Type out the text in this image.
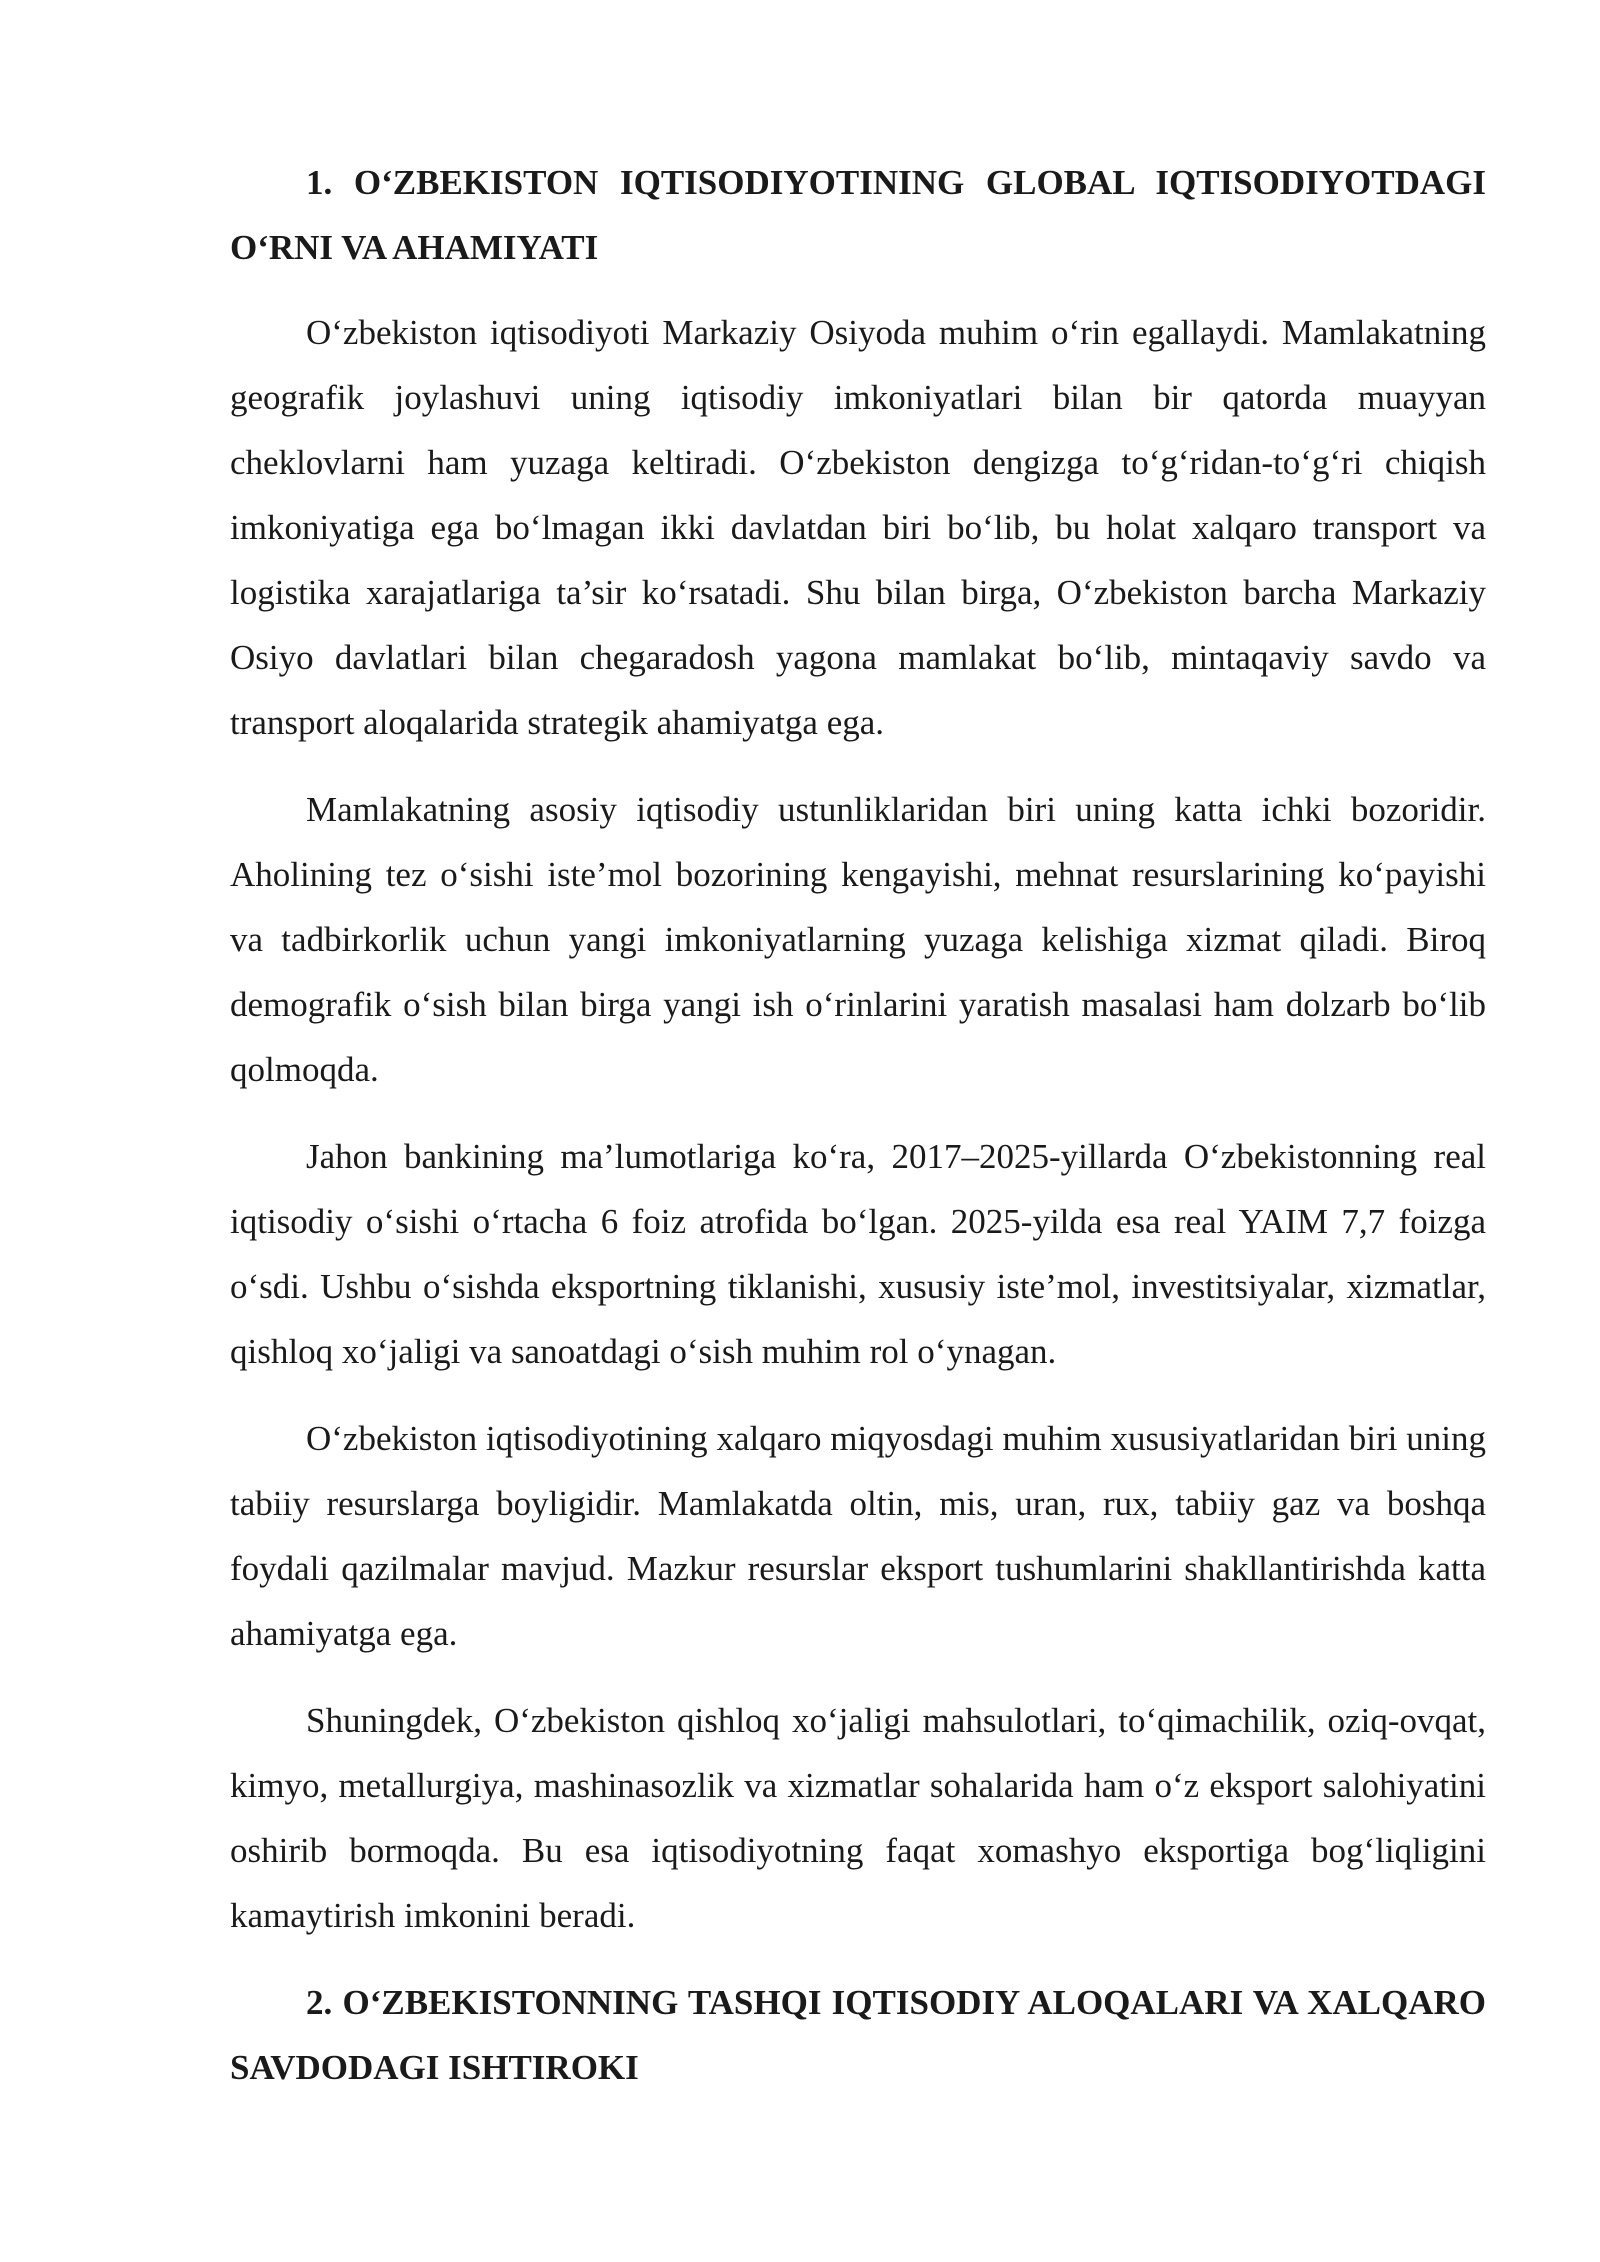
1. O‘ZBEKISTON IQTISODIYOTINING GLOBAL IQTISODIYOTDAGI O‘RNI VA AHAMIYATI
O‘zbekiston iqtisodiyoti Markaziy Osiyoda muhim o‘rin egallaydi. Mamlakatning geografik joylashuvi uning iqtisodiy imkoniyatlari bilan bir qatorda muayyan cheklovlarni ham yuzaga keltiradi. O‘zbekiston dengizga to‘g‘ridan-to‘g‘ri chiqish imkoniyatiga ega bo‘lmagan ikki davlatdan biri bo‘lib, bu holat xalqaro transport va logistika xarajatlariga ta’sir ko‘rsatadi. Shu bilan birga, O‘zbekiston barcha Markaziy Osiyo davlatlari bilan chegaradosh yagona mamlakat bo‘lib, mintaqaviy savdo va transport aloqalarida strategik ahamiyatga ega.
Mamlakatning asosiy iqtisodiy ustunliklaridan biri uning katta ichki bozoridir. Aholining tez o‘sishi iste’mol bozorining kengayishi, mehnat resurslarining ko‘payishi va tadbirkorlik uchun yangi imkoniyatlarning yuzaga kelishiga xizmat qiladi. Biroq demografik o‘sish bilan birga yangi ish o‘rinlarini yaratish masalasi ham dolzarb bo‘lib qolmoqda.
Jahon bankining ma’lumotlariga ko‘ra, 2017–2025-yillarda O‘zbekistonning real iqtisodiy o‘sishi o‘rtacha 6 foiz atrofida bo‘lgan. 2025-yilda esa real YAIM 7,7 foizga o‘sdi. Ushbu o‘sishda eksportning tiklanishi, xususiy iste’mol, investitsiyalar, xizmatlar, qishloq xo‘jaligi va sanoatdagi o‘sish muhim rol o‘ynagan.
O‘zbekiston iqtisodiyotining xalqaro miqyosdagi muhim xususiyatlaridan biri uning tabiiy resurslarga boyligidir. Mamlakatda oltin, mis, uran, rux, tabiiy gaz va boshqa foydali qazilmalar mavjud. Mazkur resurslar eksport tushumlarini shakllantirishda katta ahamiyatga ega.
Shuningdek, O‘zbekiston qishloq xo‘jaligi mahsulotlari, to‘qimachilik, oziq-ovqat, kimyo, metallurgiya, mashinasozlik va xizmatlar sohalarida ham o‘z eksport salohiyatini oshirib bormoqda. Bu esa iqtisodiyotning faqat xomashyo eksportiga bog‘liqligini kamaytirish imkonini beradi.
2. O‘ZBEKISTONNING TASHQI IQTISODIY ALOQALARI VA XALQARO SAVDODAGI ISHTIROKI
